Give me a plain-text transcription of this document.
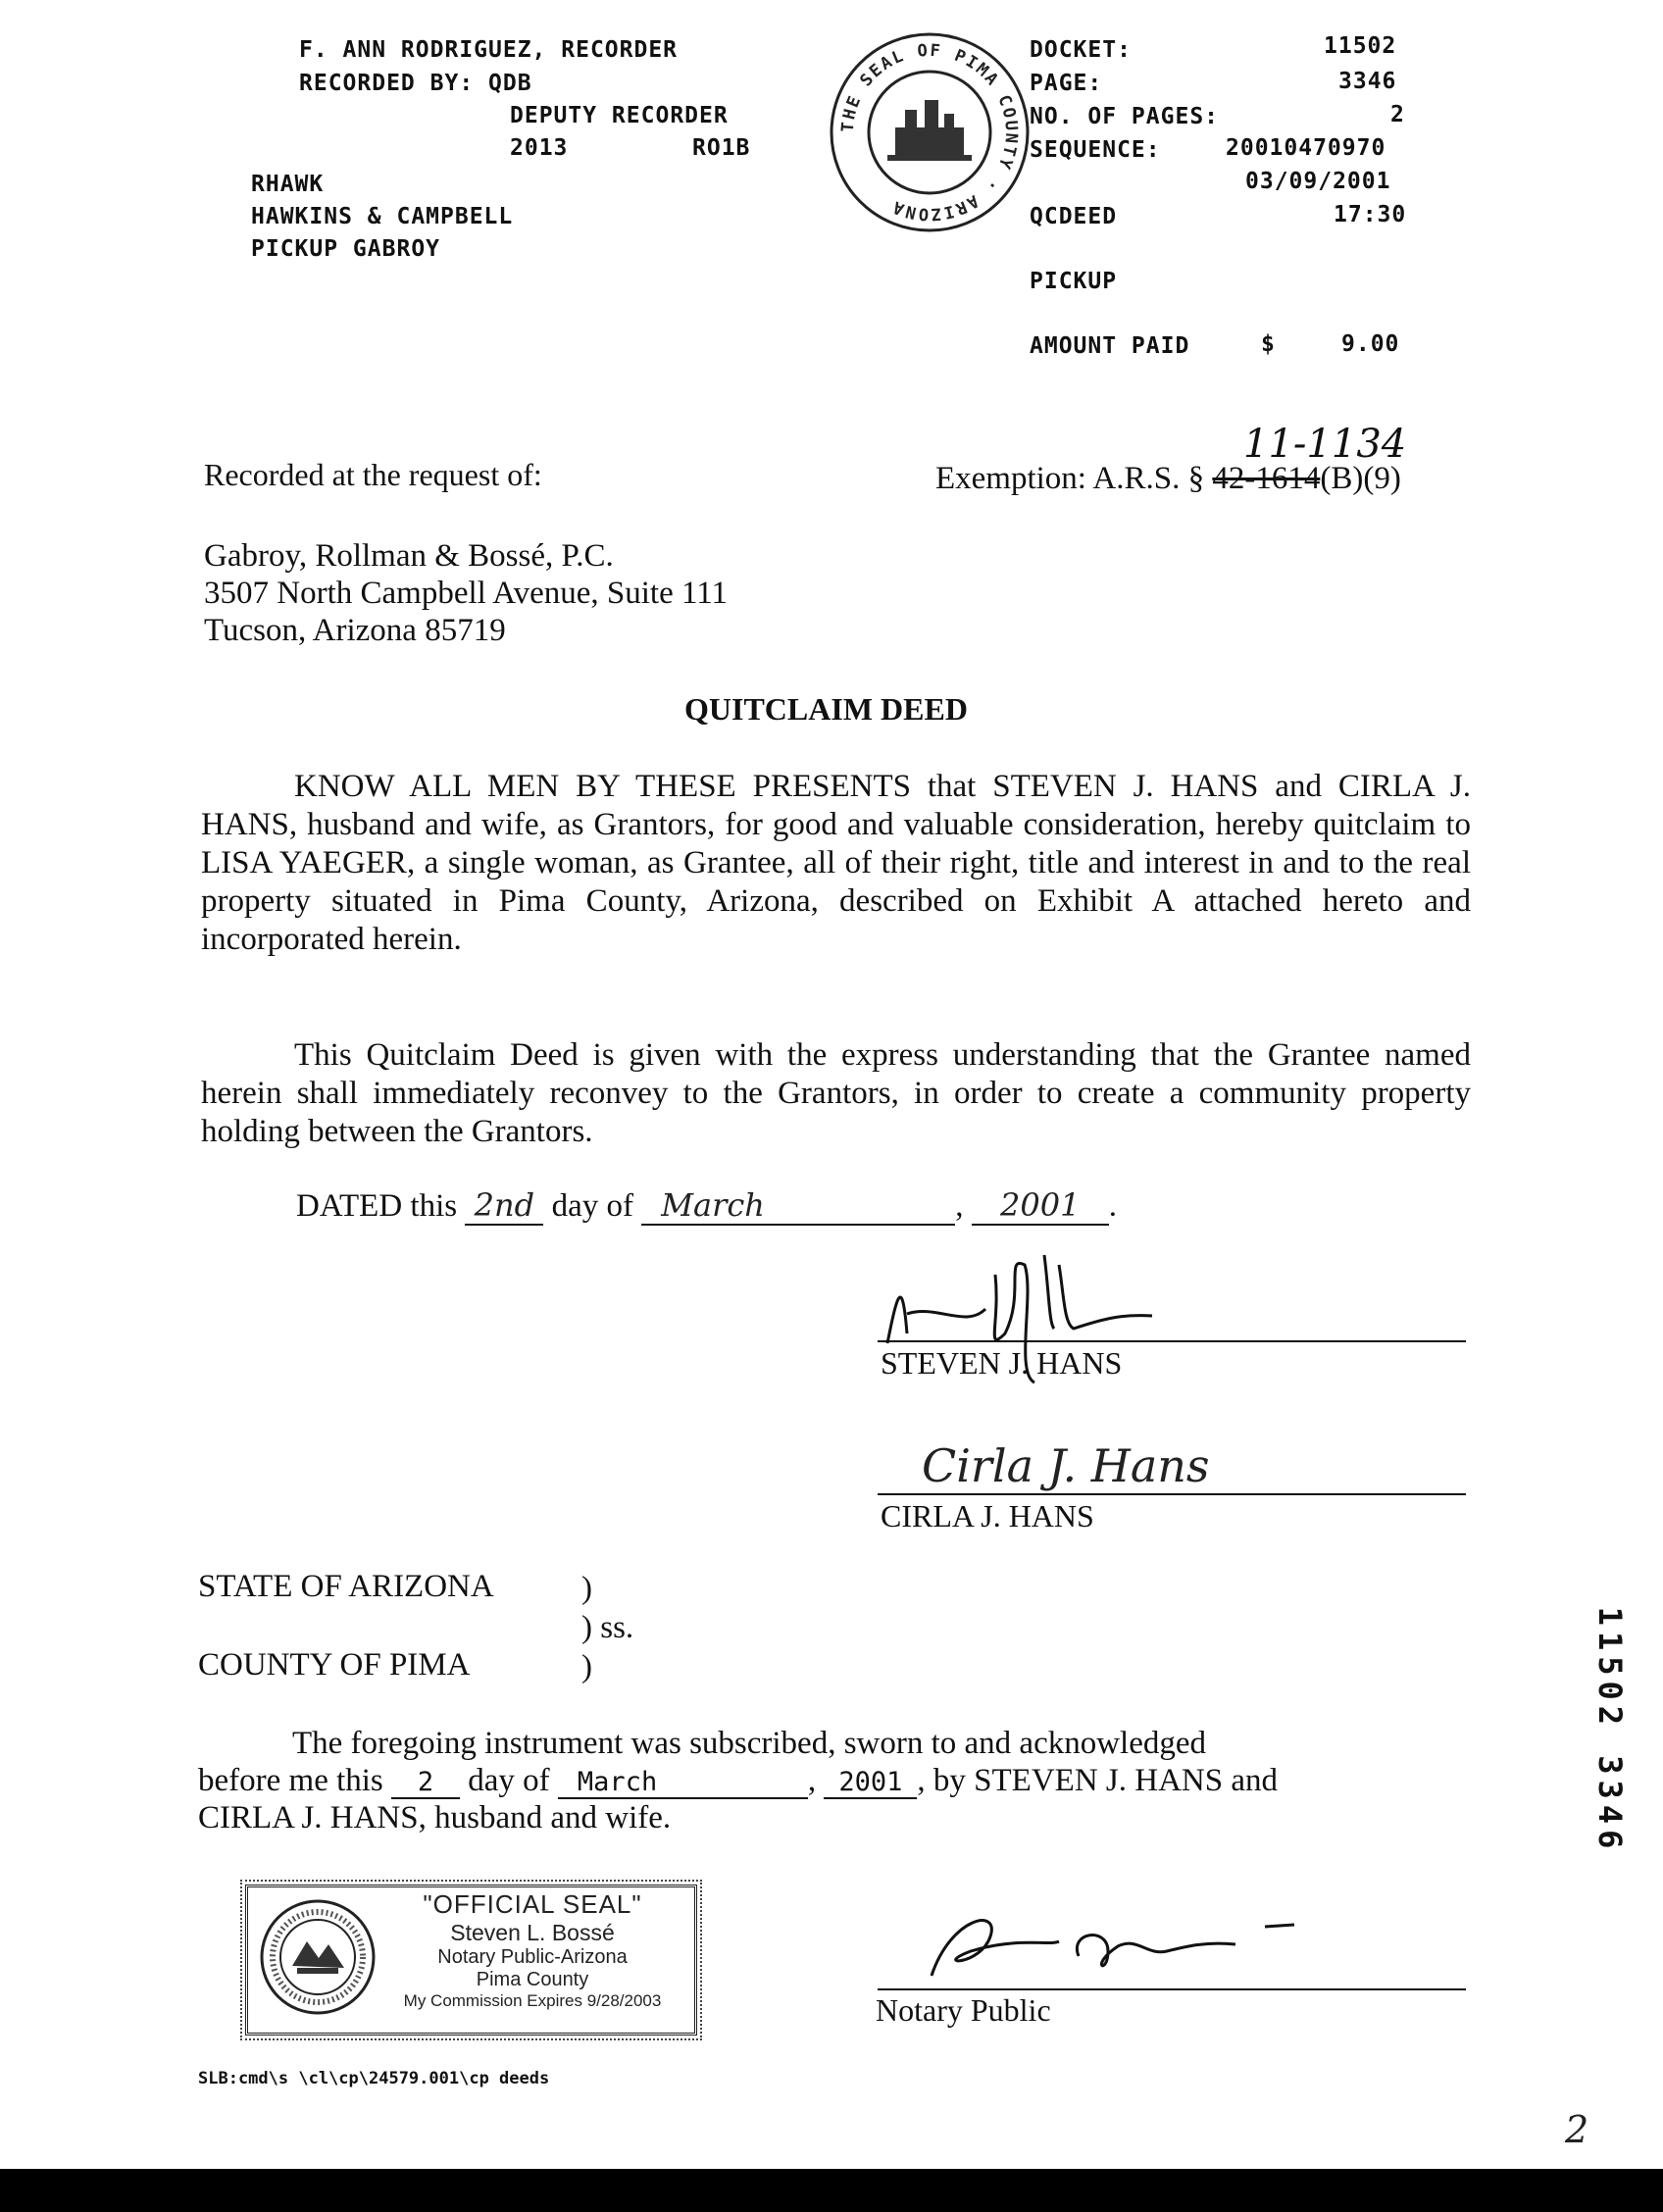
F. ANN RODRIGUEZ, RECORDER
RECORDED BY: QDB
DEPUTY RECORDER
2013	RO1B
RHAWK
HAWKINS & CAMPBELL
PICKUP GABROY
THE SEAL OF PIMA COUNTY · ARIZONA
DOCKET:	11502
PAGE:	3346
NO. OF PAGES:	2
SEQUENCE:	20010470970
03/09/2001
QCDEED	17:30
PICKUP
AMOUNT PAID	$	9.00
Recorded at the request of:
11-1134
Exemption: A.R.S. § 42-1614(B)(9)
Gabroy, Rollman & Bossé, P.C.
3507 North Campbell Avenue, Suite 111
Tucson, Arizona 85719
QUITCLAIM DEED
KNOW ALL MEN BY THESE PRESENTS that STEVEN J. HANS and CIRLA J. HANS, husband and wife, as Grantors, for good and valuable consideration, hereby quitclaim to LISA YAEGER, a single woman, as Grantee, all of their right, title and interest in and to the real property situated in Pima County, Arizona, described on Exhibit A attached hereto and incorporated herein.
This Quitclaim Deed is given with the express understanding that the Grantee named herein shall immediately reconvey to the Grantors, in order to create a community property holding between the Grantors.
DATED this 2nd day of March	, 2001 .
STEVEN J. HANS
Cirla J. Hans
CIRLA J. HANS
STATE OF ARIZONA	)
) ss.
COUNTY OF PIMA	)
The foregoing instrument was subscribed, sworn to and acknowledged
before me this 2 day of March	, 2001 , by STEVEN J. HANS and
CIRLA J. HANS, husband and wife.
"OFFICIAL SEAL"
Steven L. Bossé
Notary Public-Arizona
Pima County
My Commission Expires 9/28/2003	Notary Public
SLB:cmd\s \cl\cp\24579.001\cp deeds
11502 3346
2
